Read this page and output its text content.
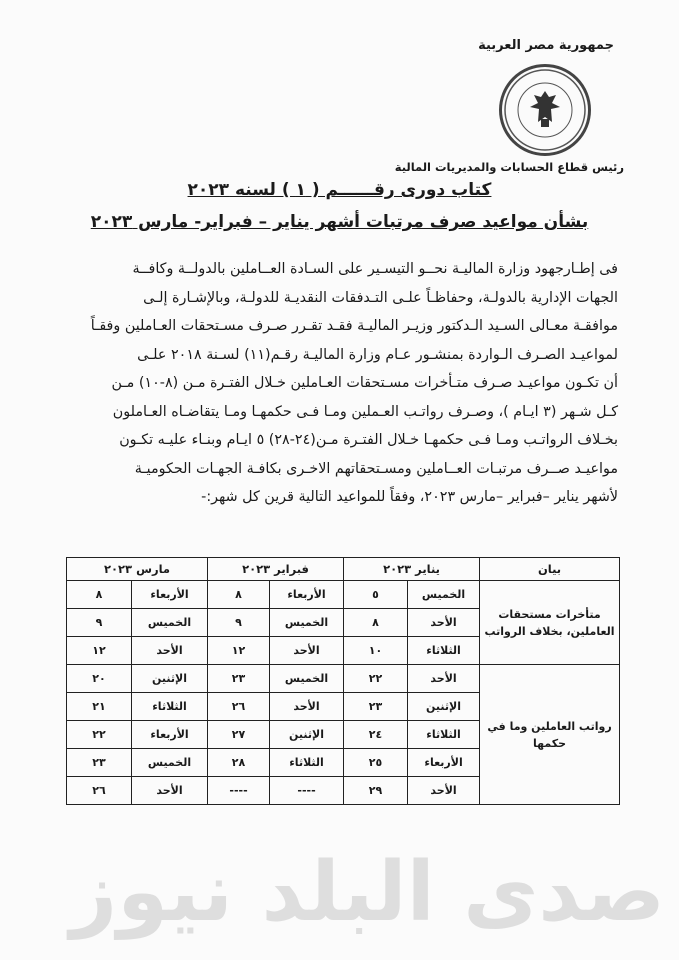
جمهورية مصر العربية
رئيس قطاع الحسابات والمديريات المالية
كتاب دورى رقــــــم ( ١ ) لسنه ٢٠٢٣
بشأن مواعيد صرف مرتبات أشهر يناير – فبراير- مارس ٢٠٢٣

فى إطـارجهود وزارة الماليـة نحــو التيسـير على السـادة العــاملين بالدولــة وكافــة

الجهات الإدارية بالدولـة، وحفاظـاً علـى التـدفقات النقديـة للدولـة، وبالإشـارة إلـى

موافقـة معـالى السـيد الـدكتور وزيـر الماليـة فقـد تقـرر صـرف مسـتحقات العـاملين وفقـاً

لمواعيـد الصـرف الـواردة بمنشـور عـام وزارة الماليـة رقـم(١١) لسـنة ٢٠١٨ علـى

أن تكـون مواعيـد صـرف متـأخرات مسـتحقات العـاملين خـلال الفتـرة مـن (٨-١٠) مـن

كـل شـهر (٣ ايـام )، وصـرف رواتـب العـملين ومـا فـى حكمهـا ومـا يتقاضـاه العـاملون

بخـلاف الرواتـب ومـا فـى حكمهـا خـلال الفتـرة مـن(٢٤-٢٨) ٥ ايـام وبنـاء عليـه تكـون

مواعيـد صــرف مرتبـات العــاملين ومسـتحقاتهم الاخـرى بكافـة الجهـات الحكوميـة

لأشهر يناير –فبراير –مارس ٢٠٢٣، وفقاً للمواعيد التالية قرين كل شهر:-

بيان	يناير ٢٠٢٣		فبراير ٢٠٢٣		مارس ٢٠٢٣	
متأخرات مستحقات العاملين، بخلاف الرواتب	الخميس	٥	الأربعاء	٨	الأربعاء	٨
	الأحد	٨	الخميس	٩	الخميس	٩
	الثلاثاء	١٠	الأحد	١٢	الأحد	١٢
رواتب العاملين وما في حكمها	الأحد	٢٢	الخميس	٢٣	الإثنين	٢٠
	الإثنين	٢٣	الأحد	٢٦	الثلاثاء	٢١
	الثلاثاء	٢٤	الإثنين	٢٧	الأربعاء	٢٢
	الأربعاء	٢٥	الثلاثاء	٢٨	الخميس	٢٣
	الأحد	٢٩	----	----	الأحد	٢٦
صدى البلد نيوز
